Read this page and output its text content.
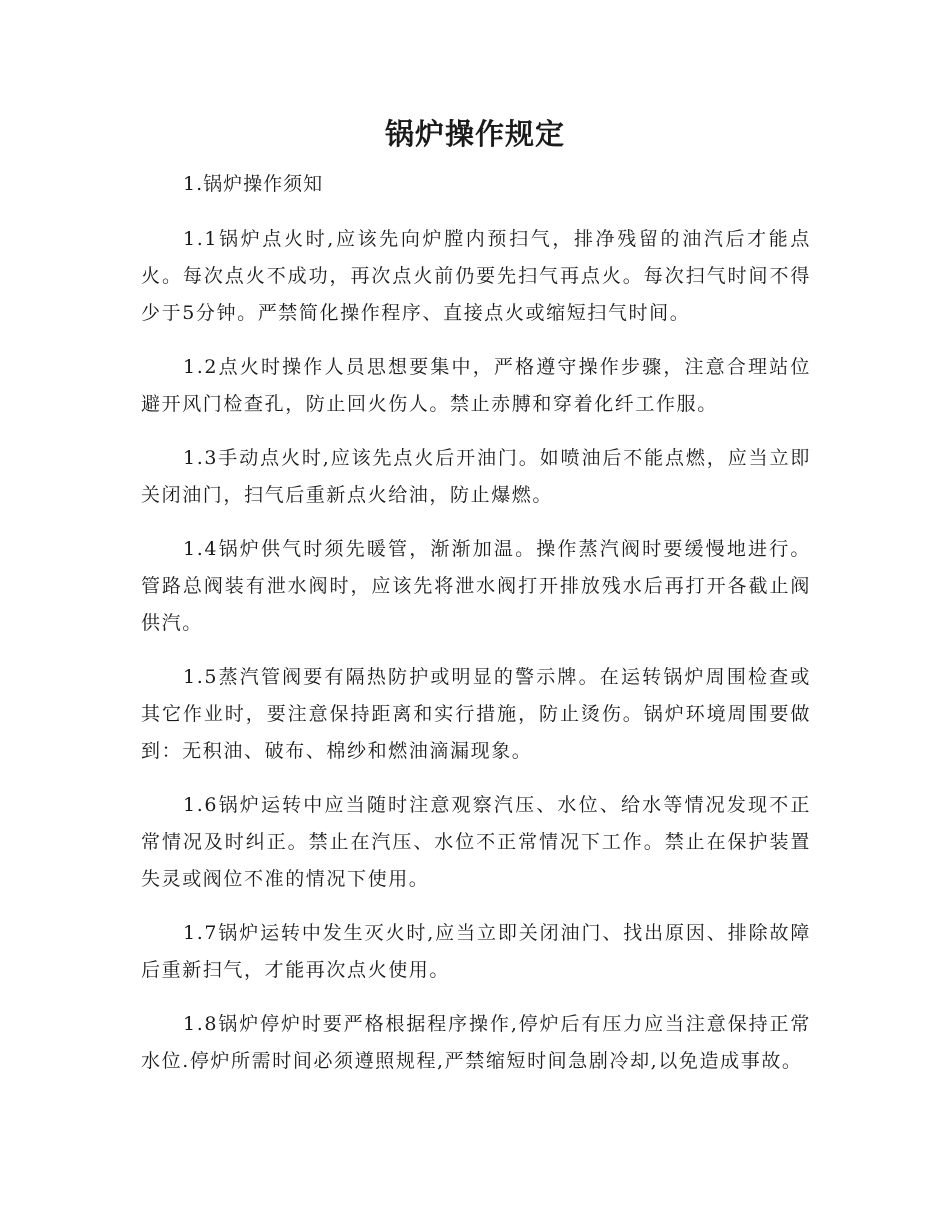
锅炉操作规定

1.锅炉操作须知

1.1锅炉点火时,应该先向炉膛内预扫气，排净残留的油汽后才能点火。每次点火不成功，再次点火前仍要先扫气再点火。每次扫气时间不得少于5分钟。严禁简化操作程序、直接点火或缩短扫气时间。

1.2点火时操作人员思想要集中，严格遵守操作步骤，注意合理站位避开风门检查孔，防止回火伤人。禁止赤膊和穿着化纤工作服。

1.3手动点火时,应该先点火后开油门。如喷油后不能点燃，应当立即关闭油门，扫气后重新点火给油，防止爆燃。

1.4锅炉供气时须先暖管，渐渐加温。操作蒸汽阀时要缓慢地进行。管路总阀装有泄水阀时，应该先将泄水阀打开排放残水后再打开各截止阀供汽。

1.5蒸汽管阀要有隔热防护或明显的警示牌。在运转锅炉周围检查或其它作业时，要注意保持距离和实行措施，防止烫伤。锅炉环境周围要做到：无积油、破布、棉纱和燃油滴漏现象。

1.6锅炉运转中应当随时注意观察汽压、水位、给水等情况发现不正常情况及时纠正。禁止在汽压、水位不正常情况下工作。禁止在保护装置失灵或阀位不准的情况下使用。

1.7锅炉运转中发生灭火时,应当立即关闭油门、找出原因、排除故障后重新扫气，才能再次点火使用。

1.8锅炉停炉时要严格根据程序操作,停炉后有压力应当注意保持正常水位.停炉所需时间必须遵照规程,严禁缩短时间急剧冷却,以免造成事故。
